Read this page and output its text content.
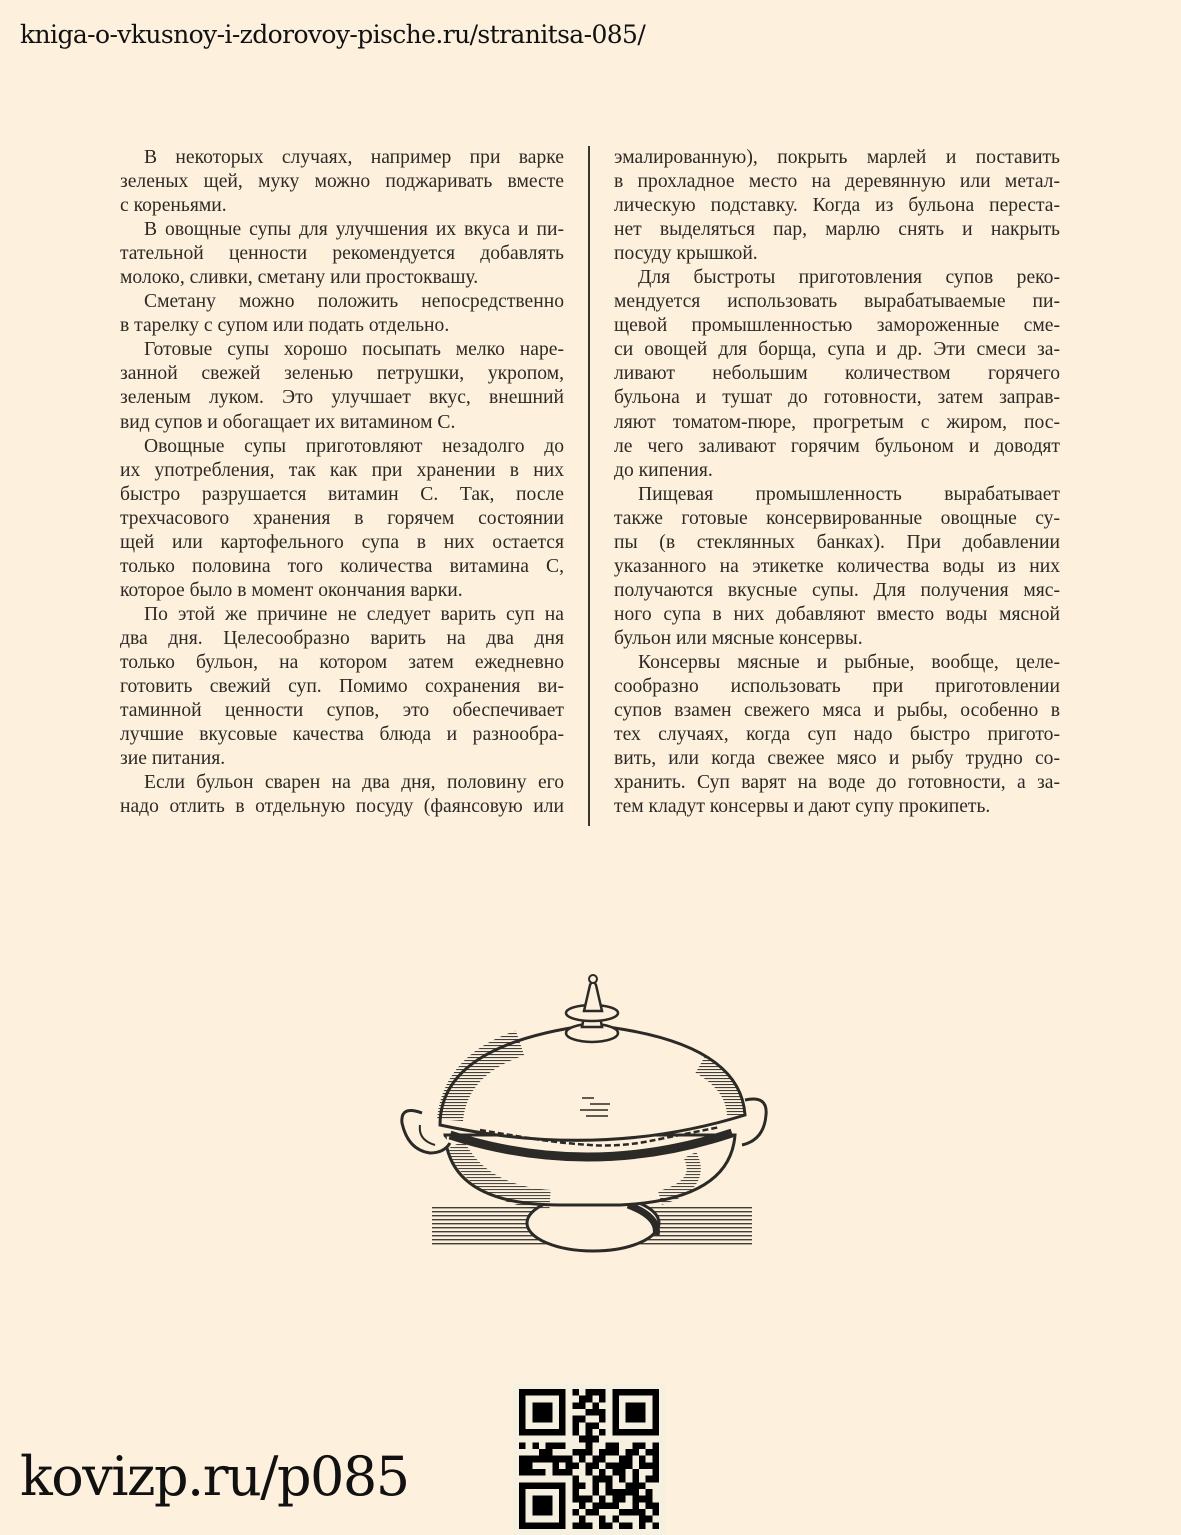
kniga-o-vkusnoy-i-zdorovoy-pische.ru/stranitsa-085/
В некоторых случаях, например при варке
зеленых щей, муку можно поджаривать вместе
с кореньями.
В овощные супы для улучшения их вкуса и пи-
тательной ценности рекомендуется добавлять
молоко, сливки, сметану или простоквашу.
Сметану можно положить непосредственно
в тарелку с супом или подать отдельно.
Готовые супы хорошо посыпать мелко наре-
занной свежей зеленью петрушки, укропом,
зеленым луком. Это улучшает вкус, внешний
вид супов и обогащает их витамином С.
Овощные супы приготовляют незадолго до
их употребления, так как при хранении в них
быстро разрушается витамин С. Так, после
трехчасового хранения в горячем состоянии
щей или картофельного супа в них остается
только половина того количества витамина С,
которое было в момент окончания варки.
По этой же причине не следует варить суп на
два дня. Целесообразно варить на два дня
только бульон, на котором затем ежедневно
готовить свежий суп. Помимо сохранения ви-
таминной ценности супов, это обеспечивает
лучшие вкусовые качества блюда и разнообра-
зие питания.
Если бульон сварен на два дня, половину его
надо отлить в отдельную посуду (фаянсовую или
эмалированную), покрыть марлей и поставить
в прохладное место на деревянную или метал-
лическую подставку. Когда из бульона переста-
нет выделяться пар, марлю снять и накрыть
посуду крышкой.
Для быстроты приготовления супов реко-
мендуется использовать вырабатываемые пи-
щевой промышленностью замороженные сме-
си овощей для борща, супа и др. Эти смеси за-
ливают небольшим количеством горячего
бульона и тушат до готовности, затем заправ-
ляют томатом-пюре, прогретым с жиром, пос-
ле чего заливают горячим бульоном и доводят
до кипения.
Пищевая промышленность вырабатывает
также готовые консервированные овощные су-
пы (в стеклянных банках). При добавлении
указанного на этикетке количества воды из них
получаются вкусные супы. Для получения мяс-
ного супа в них добавляют вместо воды мясной
бульон или мясные консервы.
Консервы мясные и рыбные, вообще, целе-
сообразно использовать при приготовлении
супов взамен свежего мяса и рыбы, особенно в
тех случаях, когда суп надо быстро пригото-
вить, или когда свежее мясо и рыбу трудно со-
хранить. Суп варят на воде до готовности, а за-
тем кладут консервы и дают супу прокипеть.
kovizp.ru/p085
